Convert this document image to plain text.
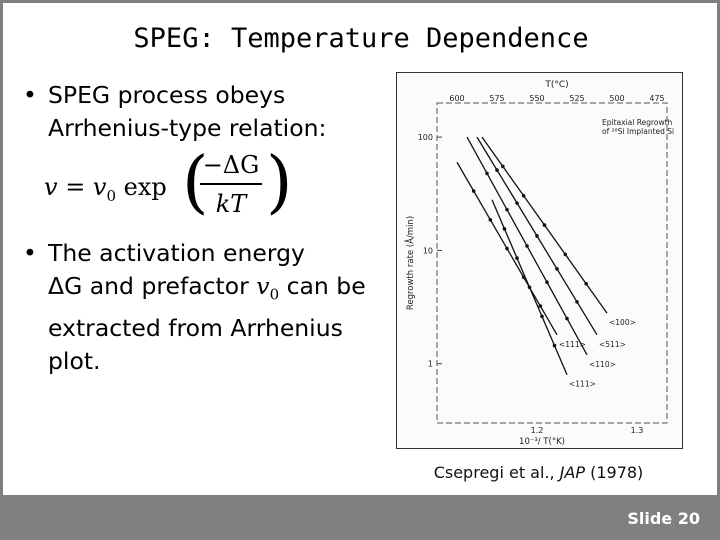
SPEG: Temperature Dependence
• SPEG process obeys Arrhenius-type relation:
$v = v_0$ exp (
−ΔG
kT )
• The activation energy
ΔG and prefactor $v_0$ can be extracted from Arrhenius plot.
T(°C)
600	575	550	525	500	475
100
10
1
Regrowth rate (Å/min)
1.2	1.3
10⁻³/ T(°K)
Epitaxial Regrowth
of ²⁸Si Implanted Si
<100>
<511>
<110>
<111>
<111>
Csepregi et al., JAP (1978)
Slide 20
